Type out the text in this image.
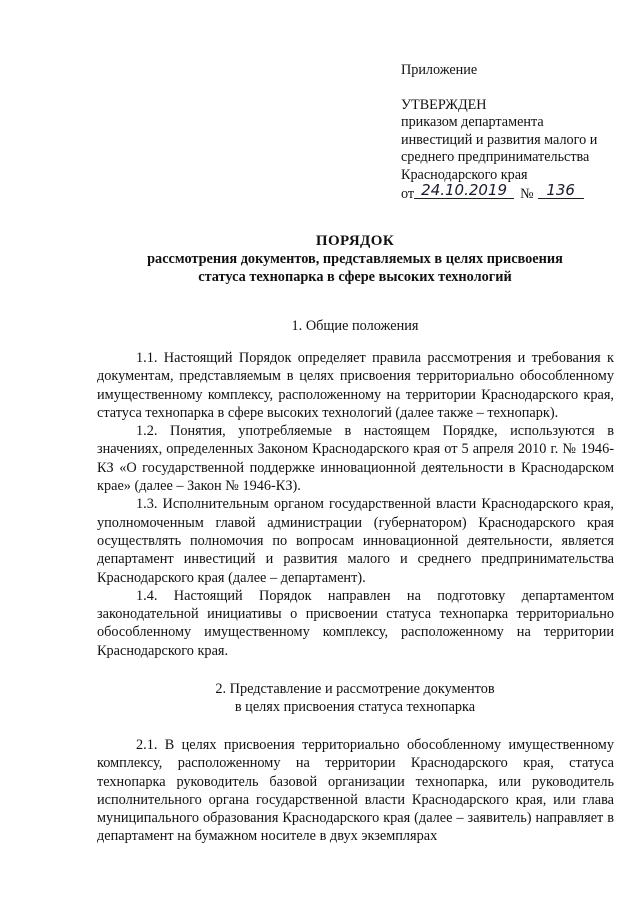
Приложение
УТВЕРЖДЕН
приказом департамента
инвестиций и развития малого и
среднего предпринимательства
Краснодарского края
от 24.10.2019 № 136
ПОРЯДОК
рассмотрения документов, представляемых в целях присвоения
статуса технопарка в сфере высоких технологий
1. Общие положения

1.1. Настоящий Порядок определяет правила рассмотрения и требования к документам, представляемым в целях присвоения территориально обособленному имущественному комплексу, расположенному на территории Краснодарского края, статуса технопарка в сфере высоких технологий (далее также – технопарк).

1.2. Понятия, употребляемые в настоящем Порядке, используются в значениях, определенных Законом Краснодарского края от 5 апреля 2010 г. № 1946-КЗ «О государственной поддержке инновационной деятельности в Краснодарском крае» (далее – Закон № 1946-КЗ).

1.3. Исполнительным органом государственной власти Краснодарского края, уполномоченным главой администрации (губернатором) Краснодарского края осуществлять полномочия по вопросам инновационной деятельности, является департамент инвестиций и развития малого и среднего предпринимательства Краснодарского края (далее – департамент).

1.4. Настоящий Порядок направлен на подготовку департаментом законодательной инициативы о присвоении статуса технопарка территориально обособленному имущественному комплексу, расположенному на территории Краснодарского края.

2. Представление и рассмотрение документов
в целях присвоения статуса технопарка

2.1. В целях присвоения территориально обособленному имущественному комплексу, расположенному на территории Краснодарского края, статуса технопарка руководитель базовой организации технопарка, или руководитель исполнительного органа государственной власти Краснодарского края, или глава муниципального образования Краснодарского края (далее – заявитель) направляет в департамент на бумажном носителе в двух экземплярах
